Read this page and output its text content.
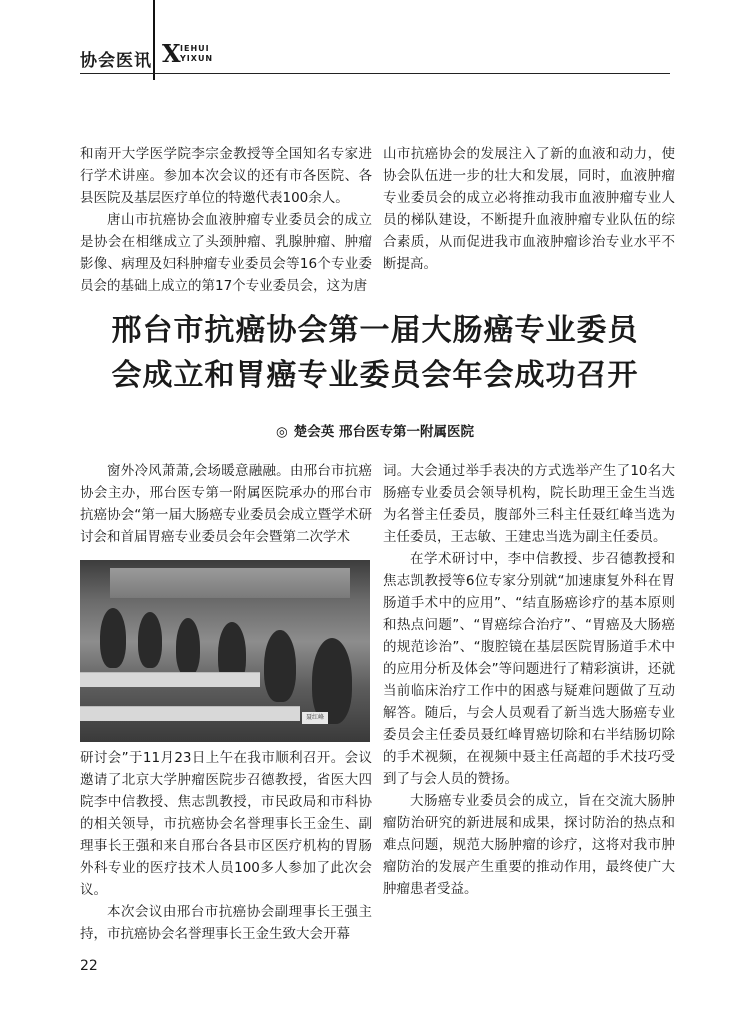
协会医讯 X IEHUI
YIXUN

和南开大学医学院李宗金教授等全国知名专家进行学术讲座。参加本次会议的还有市各医院、各县医院及基层医疗单位的特邀代表100余人。

唐山市抗癌协会血液肿瘤专业委员会的成立是协会在相继成立了头颈肿瘤、乳腺肿瘤、肿瘤影像、病理及妇科肿瘤专业委员会等16个专业委员会的基础上成立的第17个专业委员会，这为唐

山市抗癌协会的发展注入了新的血液和动力，使协会队伍进一步的壮大和发展，同时，血液肿瘤专业委员会的成立必将推动我市血液肿瘤专业人员的梯队建设，不断提升血液肿瘤专业队伍的综合素质，从而促进我市血液肿瘤诊治专业水平不断提高。

邢台市抗癌协会第一届大肠癌专业委员
会成立和胃癌专业委员会年会成功召开
◎ 楚会英 邢台医专第一附属医院

窗外冷风萧萧,会场暖意融融。由邢台市抗癌协会主办，邢台医专第一附属医院承办的邢台市抗癌协会“第一届大肠癌专业委员会成立暨学术研讨会和首届胃癌专业委员会年会暨第二次学术

聂红峰

研讨会”于11月23日上午在我市顺利召开。会议邀请了北京大学肿瘤医院步召德教授，省医大四院李中信教授、焦志凯教授，市民政局和市科协的相关领导，市抗癌协会名誉理事长王金生、副理事长王强和来自邢台各县市区医疗机构的胃肠外科专业的医疗技术人员100多人参加了此次会议。

本次会议由邢台市抗癌协会副理事长王强主持，市抗癌协会名誉理事长王金生致大会开幕

词。大会通过举手表决的方式选举产生了10名大肠癌专业委员会领导机构，院长助理王金生当选为名誉主任委员，腹部外三科主任聂红峰当选为主任委员，王志敏、王建忠当选为副主任委员。

在学术研讨中，李中信教授、步召德教授和焦志凯教授等6位专家分别就“加速康复外科在胃肠道手术中的应用”、“结直肠癌诊疗的基本原则和热点问题”、“胃癌综合治疗”、“胃癌及大肠癌的规范诊治”、“腹腔镜在基层医院胃肠道手术中的应用分析及体会”等问题进行了精彩演讲，还就当前临床治疗工作中的困惑与疑难问题做了互动解答。随后，与会人员观看了新当选大肠癌专业委员会主任委员聂红峰胃癌切除和右半结肠切除的手术视频，在视频中聂主任高超的手术技巧受到了与会人员的赞扬。

大肠癌专业委员会的成立，旨在交流大肠肿瘤防治研究的新进展和成果，探讨防治的热点和难点问题，规范大肠肿瘤的诊疗，这将对我市肿瘤防治的发展产生重要的推动作用，最终使广大肿瘤患者受益。

22
